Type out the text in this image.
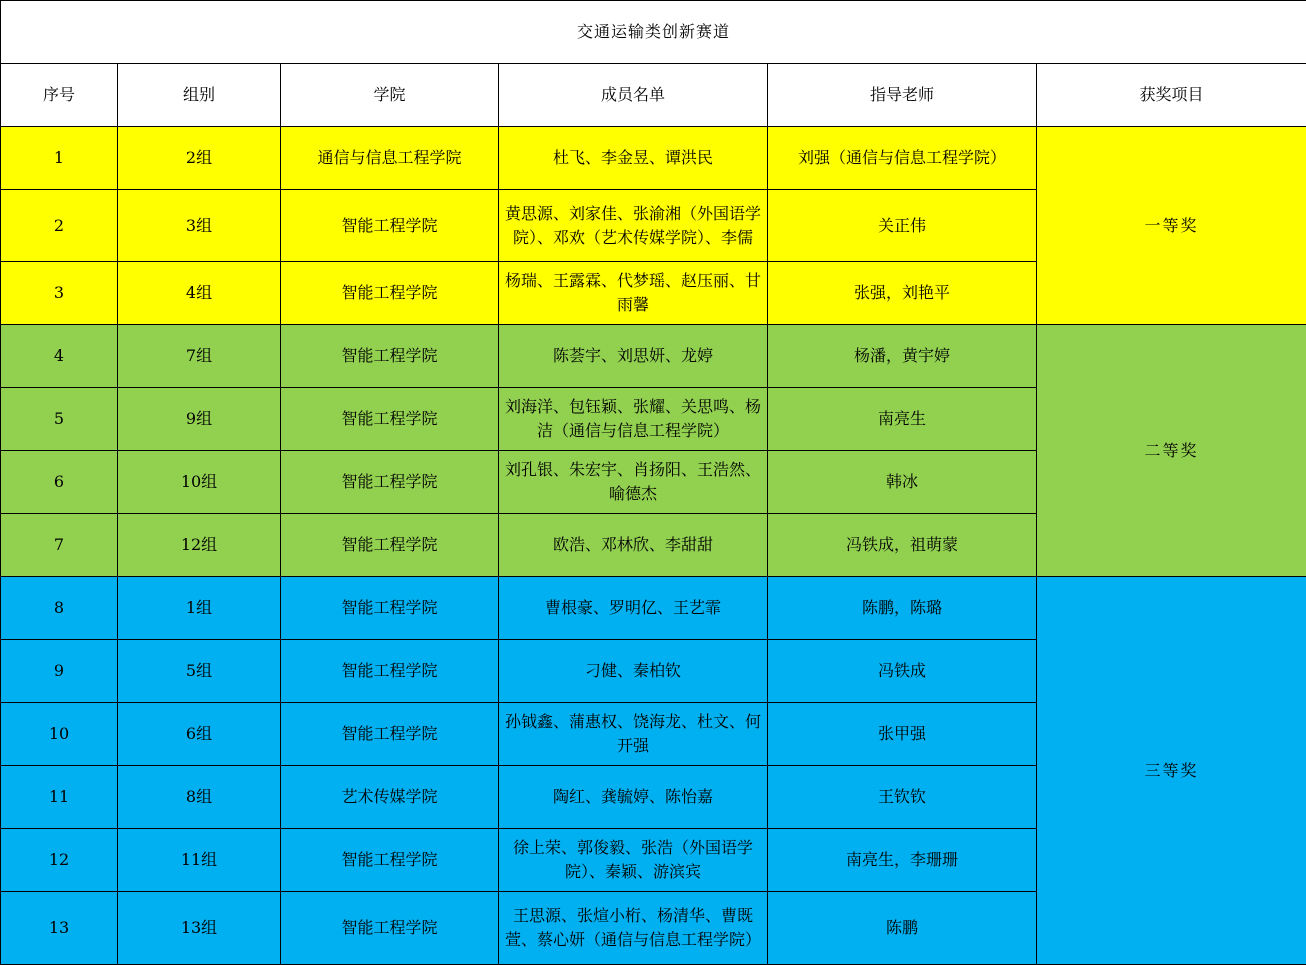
交通运输类创新赛道					
序号	组别	学院	成员名单	指导老师	获奖项目
1	2组	通信与信息工程学院	杜飞、李金昱、谭洪民	刘强（通信与信息工程学院）	一等奖
2	3组	智能工程学院	黄思源、刘家佳、张渝湘（外国语学院）、邓欢（艺术传媒学院）、李儒	关正伟	
3	4组	智能工程学院	杨瑞、王露霖、代梦瑶、赵压丽、甘雨馨	张强，刘艳平	
4	7组	智能工程学院	陈荟宇、刘思妍、龙婷	杨潘，黄宇婷	二等奖
5	9组	智能工程学院	刘海洋、包钰颖、张耀、关思鸣、杨洁（通信与信息工程学院）	南亮生	
6	10组	智能工程学院	刘孔银、朱宏宇、肖扬阳、王浩然、喻德杰	韩冰	
7	12组	智能工程学院	欧浩、邓林欣、李甜甜	冯铁成，祖萌蒙	
8	1组	智能工程学院	曹根豪、罗明亿、王艺霏	陈鹏，陈璐	三等奖
9	5组	智能工程学院	刁健、秦柏钦	冯铁成	
10	6组	智能工程学院	孙钺鑫、蒲惠权、饶海龙、杜文、何开强	张甲强	
11	8组	艺术传媒学院	陶红、龚毓婷、陈怡嘉	王钦钦	
12	11组	智能工程学院	徐上荣、郭俊毅、张浩（外国语学院）、秦颖、游滨宾	南亮生，李珊珊	
13	13组	智能工程学院	王思源、张煊小桁、杨清华、曹既萱、蔡心妍（通信与信息工程学院）	陈鹏	
